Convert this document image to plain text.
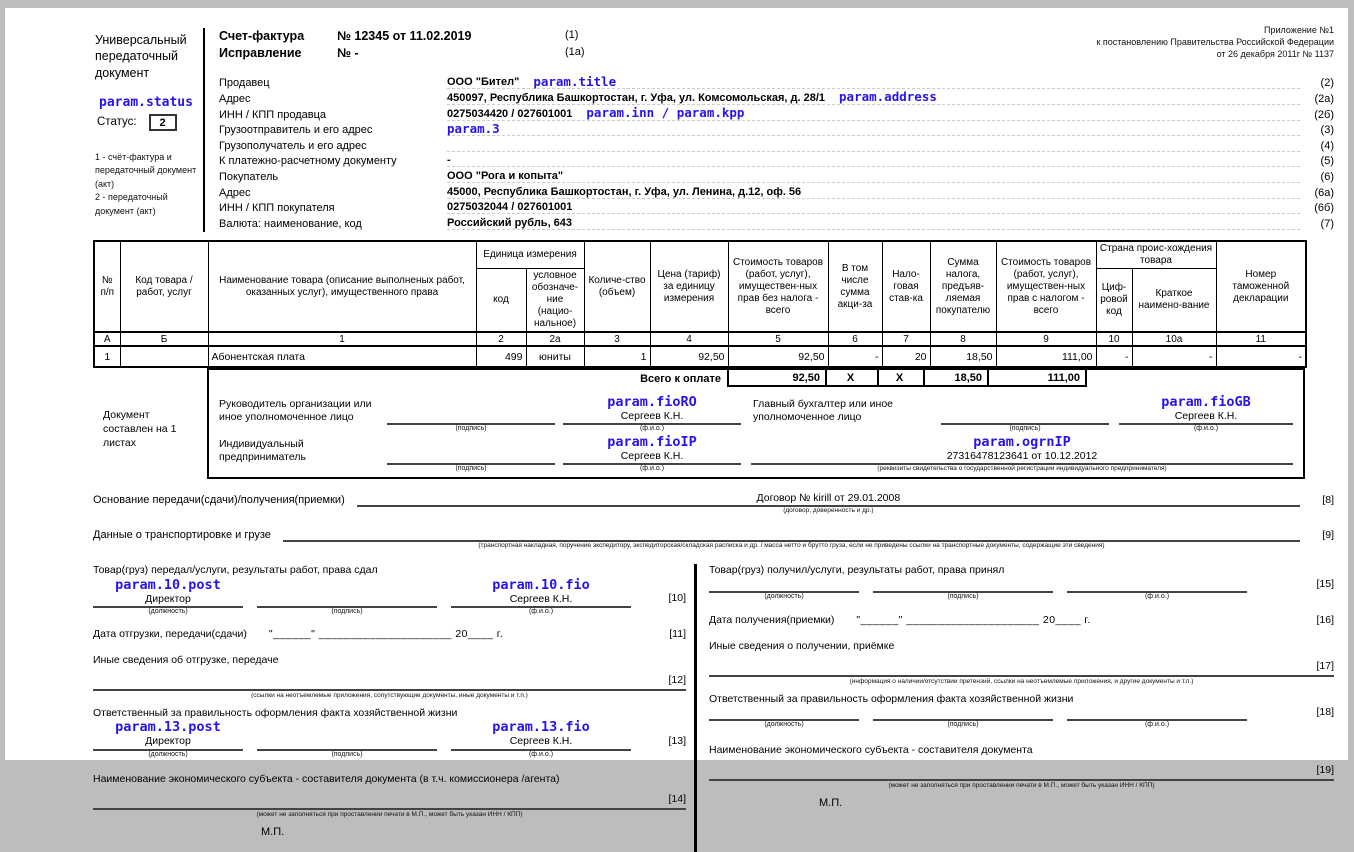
Универсальный передаточный документ
param.status
Статус:	2
1 - счёт-фактура и передаточный документ (акт)
2 - передаточный документ (акт)
Счет-фактура	№ 12345 от 11.02.2019	(1)
Исправление	№ -	(1а)
Приложение №1
к постановлению Правительства Российской Федерации
от 26 декабря 2011г № 1137
Продавец	ООО "Бител" param.title	(2)
Адрес	450097, Республика Башкортостан, г. Уфа, ул. Комсомольская, д. 28/1 param.address	(2а)
ИНН / КПП продавца	0275034420 / 027601001 param.inn / param.kpp	(2б)
Грузоотправитель и его адрес	param.3	(3)
Грузополучатель и его адрес	(4)
К платежно-расчетному документу	-	(5)
Покупатель	ООО "Рога и копыта"	(6)
Адрес	45000, Республика Башкортостан, г. Уфа, ул. Ленина, д.12, оф. 56	(6а)
ИНН / КПП покупателя	0275032044 / 027601001	(6б)
Валюта: наименование, код	Российский рубль, 643	(7)
№ п/п	Код товара / работ, услуг	Наименование товара (описание выполненых работ, оказанных услуг), имущественного права	Единица измерения		Количе-ство (объем)	Цена (тариф) за единицу измерения	Стоимость товаров (работ, услуг), имуществен-ных прав без налога - всего	В том числе сумма акци-за	Нало-говая став-ка	Сумма налога, предъяв-ляемая покупателю	Стоимость товаров (работ, услуг), имуществен-ных прав с налогом - всего	Страна проис-хождения товара		Номер таможенной декларации
			код	условное обозначе-ние (нацио-нальное)								Циф-ровой код	Краткое наимено-вание	
А	Б	1	2	2а	3	4	5	6	7	8	9	10	10а	11
1		Абонентская плата	499	юниты	1	92,50	92,50	-	20	18,50	111,00	-	-	-
Документ составлен на 1 листах
Всего к оплате	92,50	X	X	18,50	111,00
Руководитель организации или иное уполномоченное лицо
(подпись)
param.fioRO
Сергеев К.Н.
(ф.и.о.)
Главный бухгалтер или иное уполномоченное лицо
(подпись)
param.fioGB
Сергеев К.Н.
(ф.и.о.)
Индивидуальный предприниматель
(подпись)
param.fioIP
Сергеев К.Н.
(ф.и.о.)
param.ogrnIP
27316478123641 от 10.12.2012
(реквизиты свидетельства о государственной регистрации индивидуального предпринимателя)
Основание передачи(сдачи)/получения(приемки)	Договор № kirill от 29.01.2008
(договор, доверенность и др.)
[8]
Данные о транспортировке и грузе
(транспортная накладная, поручение экспедитору, экспедиторская/складская расписка и др. / масса нетто и брутто груза, если не приведены ссылки на транспортные документы, содержащие эти сведения)
[9]
Товар(груз) передал/услуги, результаты работ, права сдал
param.10.post
Директор
(должность)	(подпись)
param.10.fio
Сергеев К.Н.
(ф.и.о.)
[10]
Дата отгрузки, передачи(сдачи) "______" _____________________ 20____ г.	[11]
Иные сведения об отгрузке, передаче
[12]
(ссылки на неотъемлемые приложения, сопутствующие документы, иные документы и т.п.)
Ответственный за правильность оформления факта хозяйственной жизни
param.13.post
Директор
(должность)	(подпись)
param.13.fio
Сергеев К.Н.
(ф.и.о.)
[13]
Наименование экономического субъекта - составителя документа (в т.ч. комиссионера /агента)
[14]
(может не заполняться при проставлении печати в М.П., может быть указан ИНН / КПП)
М.П.
Товар(груз) получил/услуги, результаты работ, права принял
(должность)	(подпись)	(ф.и.о.)
[15]
Дата получения(приемки) "______" _____________________ 20____ г.	[16]
Иные сведения о получении, приёмке
[17]
(информация о наличии/отсутствии претензий, ссылки на неотъемлемые приложения, и другие документы и т.п.)
Ответственный за правильность оформления факта хозяйственной жизни
(должность)	(подпись)	(ф.и.о.)
[18]
Наименование экономического субъекта - составителя документа
[19]
(может не заполняться при проставлении печати в М.П., может быть указан ИНН / КПП)
М.П.
